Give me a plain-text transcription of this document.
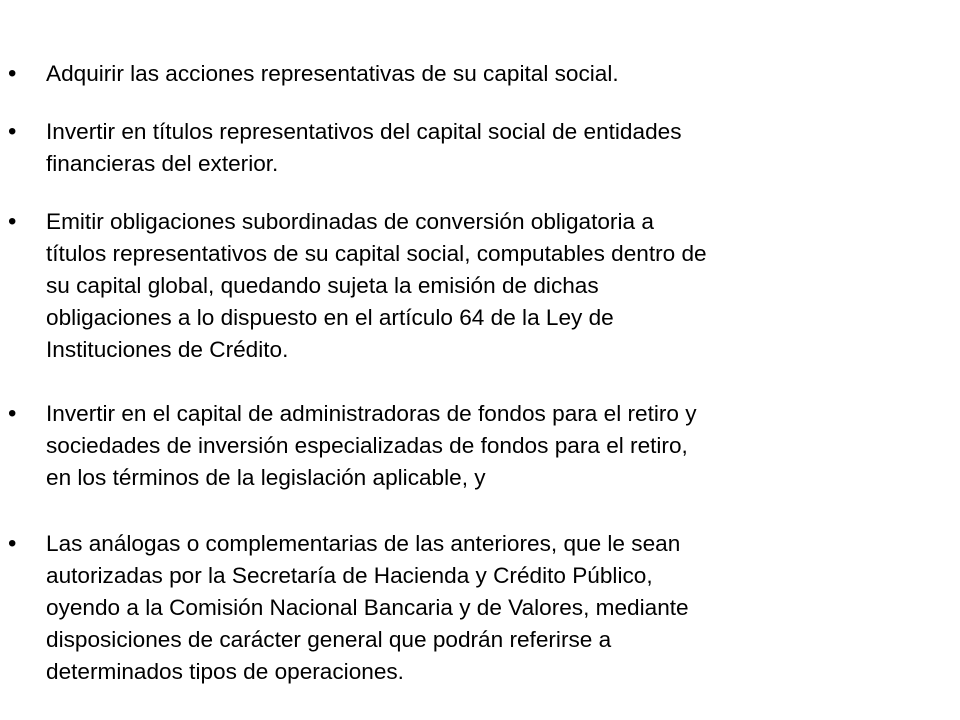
•	Adquirir las acciones representativas de su capital social.
•	Invertir en títulos representativos del capital social de entidades
financieras del exterior.
•	Emitir obligaciones subordinadas de conversión obligatoria a
títulos representativos de su capital social, computables dentro de
su capital global, quedando sujeta la emisión de dichas
obligaciones a lo dispuesto en el artículo 64 de la Ley de
Instituciones de Crédito.
•	Invertir en el capital de administradoras de fondos para el retiro y
sociedades de inversión especializadas de fondos para el retiro,
en los términos de la legislación aplicable, y
•	Las análogas o complementarias de las anteriores, que le sean
autorizadas por la Secretaría de Hacienda y Crédito Público,
oyendo a la Comisión Nacional Bancaria y de Valores, mediante
disposiciones de carácter general que podrán referirse a
determinados tipos de operaciones.
